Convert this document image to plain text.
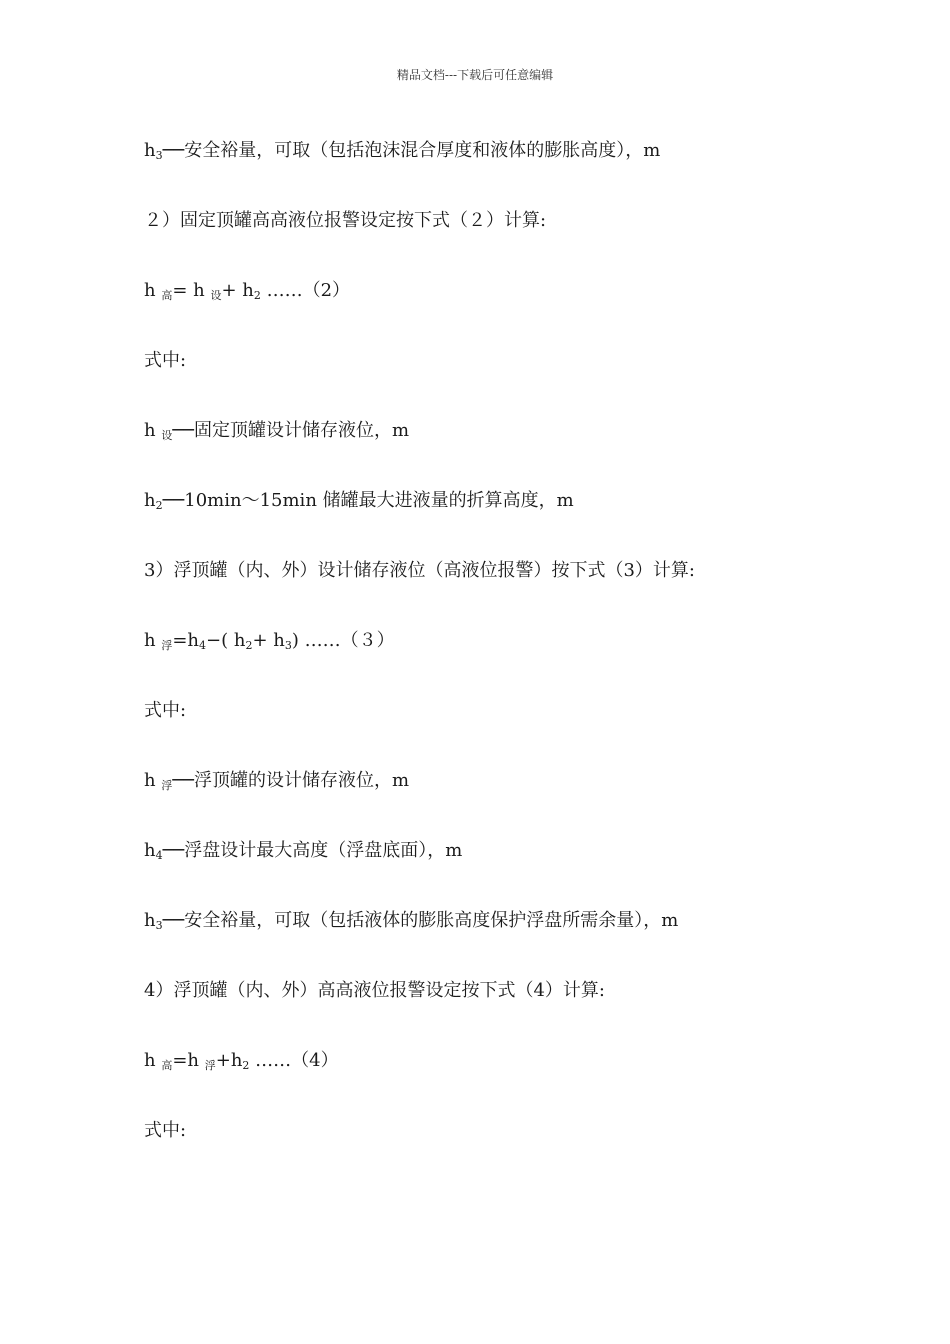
精品文档---下载后可任意编辑
h3──安全裕量，可取（包括泡沫混合厚度和液体的膨胀高度），m
２）固定顶罐高高液位报警设定按下式（２）计算:
h 高= h 设+ h2 ……（2）
式中:
h 设──固定顶罐设计储存液位，m
h2──10min～15min 储罐最大进液量的折算高度，m
3）浮顶罐（内、外）设计储存液位（高液位报警）按下式（3）计算:
h 浮=h4−( h2+ h3) ……（３）
式中:
h 浮──浮顶罐的设计储存液位，m
h4──浮盘设计最大高度（浮盘底面），m
h3──安全裕量，可取（包括液体的膨胀高度保护浮盘所需余量），m
4）浮顶罐（内、外）高高液位报警设定按下式（4）计算:
h 高=h 浮+h2 ……（4）
式中:
